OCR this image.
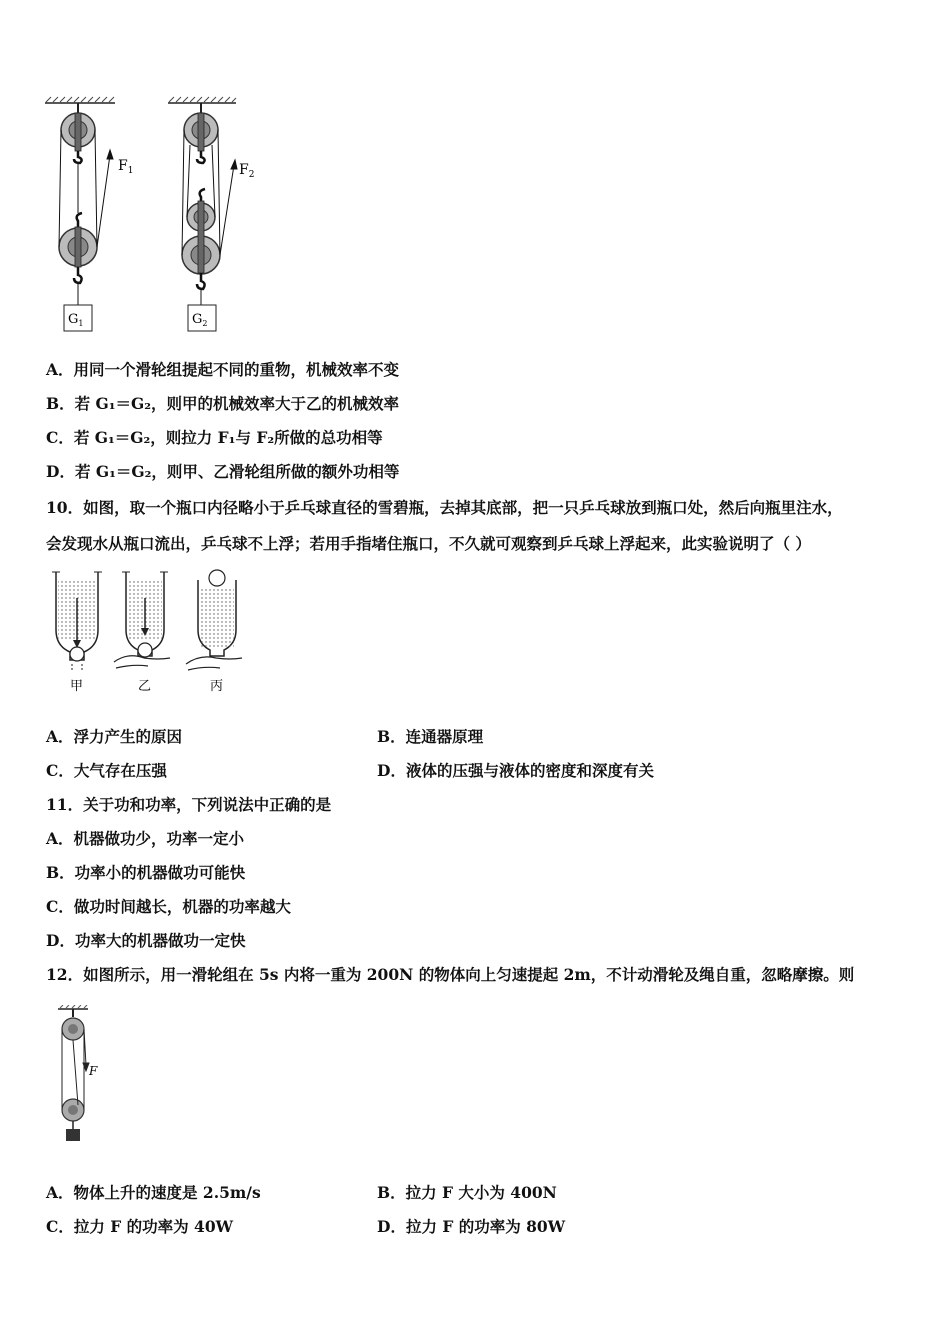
$F_1$
$G_1$
$F_2$
$G_2$
A．用同一个滑轮组提起不同的重物，机械效率不变
B．若 G₁＝G₂，则甲的机械效率大于乙的机械效率
C．若 G₁＝G₂，则拉力 F₁与 F₂所做的总功相等
D．若 G₁＝G₂，则甲、乙滑轮组所做的额外功相等
10．如图，取一个瓶口内径略小于乒乓球直径的雪碧瓶，去掉其底部，把一只乒乓球放到瓶口处，然后向瓶里注水，
会发现水从瓶口流出，乒乓球不上浮；若用手指堵住瓶口，不久就可观察到乒乓球上浮起来，此实验说明了（ ）
甲	乙	丙
A．浮力产生的原因	B．连通器原理
C．大气存在压强	D．液体的压强与液体的密度和深度有关
11．关于功和功率，下列说法中正确的是
A．机器做功少，功率一定小
B．功率小的机器做功可能快
C．做功时间越长，机器的功率越大
D．功率大的机器做功一定快
12．如图所示，用一滑轮组在 5s 内将一重为 200N 的物体向上匀速提起 2m，不计动滑轮及绳自重，忽略摩擦。则
F
A．物体上升的速度是 2.5m/s	B．拉力 F 大小为 400N
C．拉力 F 的功率为 40W	D．拉力 F 的功率为 80W
